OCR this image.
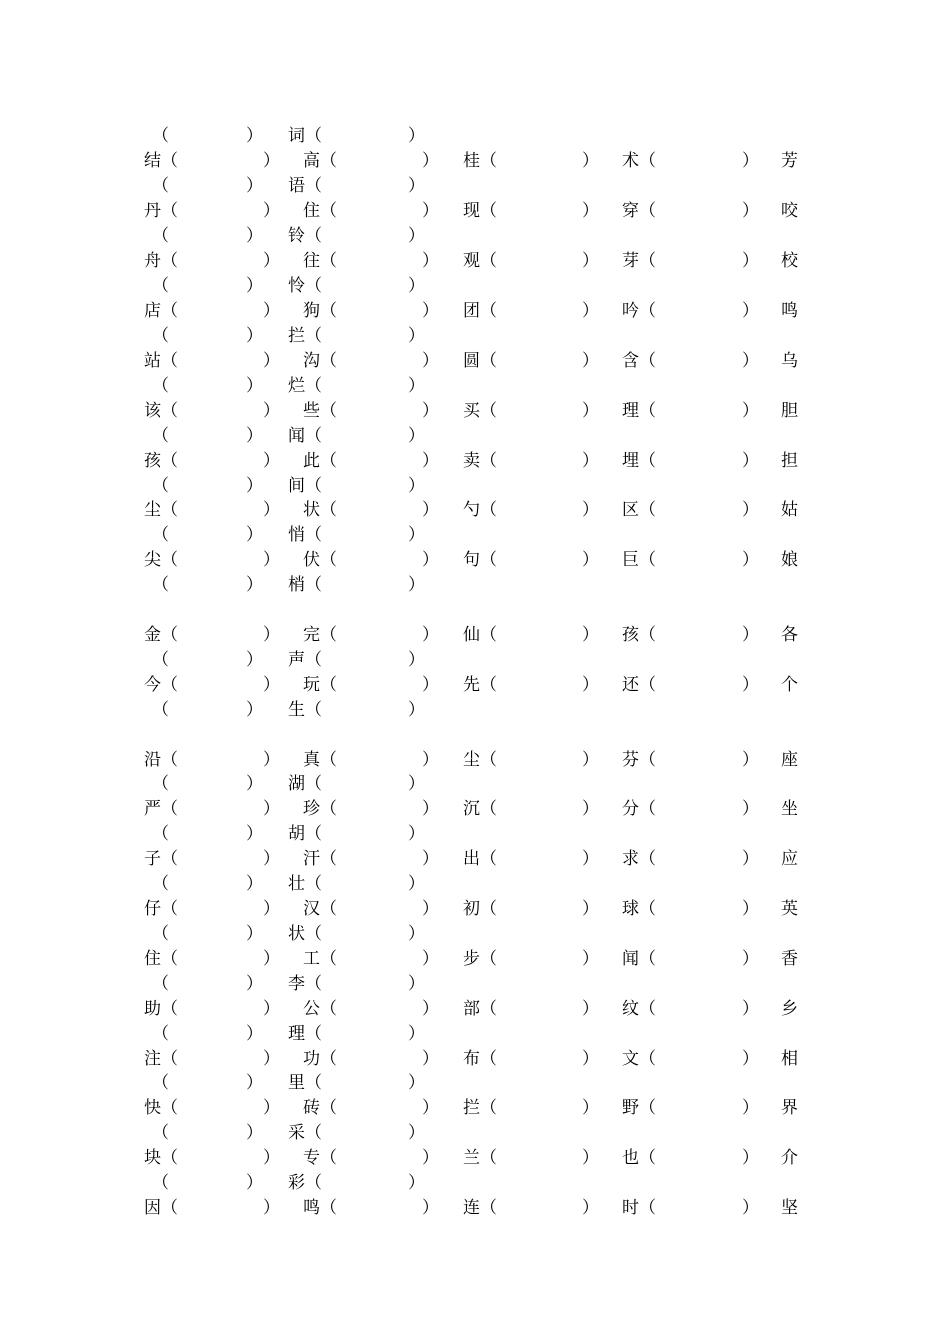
（	） 词（	）
结（	） 高（	） 桂（	） 术（	） 芳
（	） 语（	）
丹（	） 住（	） 现（	） 穿（	） 咬
（	） 铃（	）
舟（	） 往（	） 观（	） 芽（	） 校
（	） 怜（	）
店（	） 狗（	） 团（	） 吟（	） 鸣
（	） 拦（	）
站（	） 沟（	） 圆（	） 含（	） 乌
（	） 烂（	）
该（	） 些（	） 买（	） 理（	） 胆
（	） 闻（	）
孩（	） 此（	） 卖（	） 埋（	） 担
（	） 间（	）
尘（	） 状（	） 勺（	） 区（	） 姑
（	） 悄（	）
尖（	） 伏（	） 句（	） 巨（	） 娘
（	） 梢（	）
金（	） 完（	） 仙（	） 孩（	） 各
（	） 声（	）
今（	） 玩（	） 先（	） 还（	） 个
（	） 生（	）
沿（	） 真（	） 尘（	） 芬（	） 座
（	） 湖（	）
严（	） 珍（	） 沉（	） 分（	） 坐
（	） 胡（	）
子（	） 汗（	） 出（	） 求（	） 应
（	） 壮（	）
仔（	） 汉（	） 初（	） 球（	） 英
（	） 状（	）
住（	） 工（	） 步（	） 闻（	） 香
（	） 李（	）
助（	） 公（	） 部（	） 纹（	） 乡
（	） 理（	）
注（	） 功（	） 布（	） 文（	） 相
（	） 里（	）
快（	） 砖（	） 拦（	） 野（	） 界
（	） 采（	）
块（	） 专（	） 兰（	） 也（	） 介
（	） 彩（	）
因（	） 鸣（	） 连（	） 时（	） 坚
